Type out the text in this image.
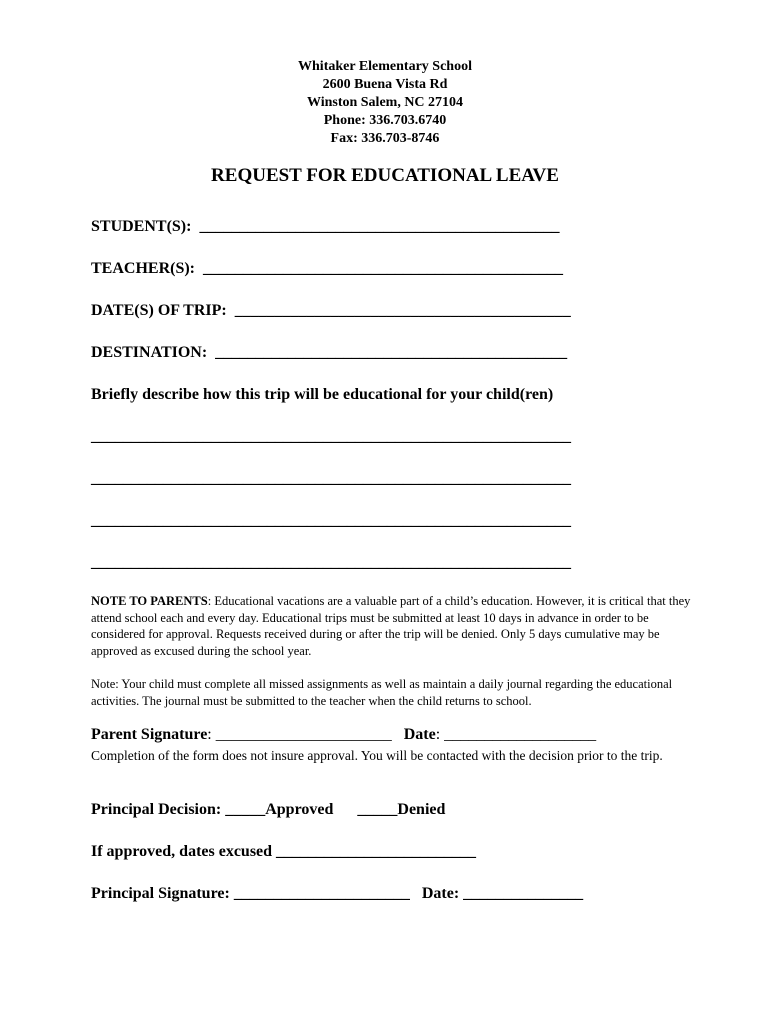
Whitaker Elementary School
2600 Buena Vista Rd
Winston Salem, NC 27104
Phone: 336.703.6740
Fax: 336.703-8746
REQUEST FOR EDUCATIONAL LEAVE
STUDENT(S): _____________________________________________
TEACHER(S): _____________________________________________
DATE(S) OF TRIP: __________________________________________
DESTINATION: ____________________________________________
Briefly describe how this trip will be educational for your child(ren)
____________________________________________________________
____________________________________________________________
____________________________________________________________
____________________________________________________________
NOTE TO PARENTS: Educational vacations are a valuable part of a child’s education. However, it is critical that they attend school each and every day. Educational trips must be submitted at least 10 days in advance in order to be considered for approval. Requests received during or after the trip will be denied. Only 5 days cumulative may be approved as excused during the school year.
Note: Your child must complete all missed assignments as well as maintain a daily journal regarding the educational activities. The journal must be submitted to the teacher when the child returns to school.
Parent Signature: ______________________ Date: ___________________
Completion of the form does not insure approval. You will be contacted with the decision prior to the trip.
Principal Decision: _____Approved _____Denied
If approved, dates excused _________________________
Principal Signature: ______________________ Date: _______________
